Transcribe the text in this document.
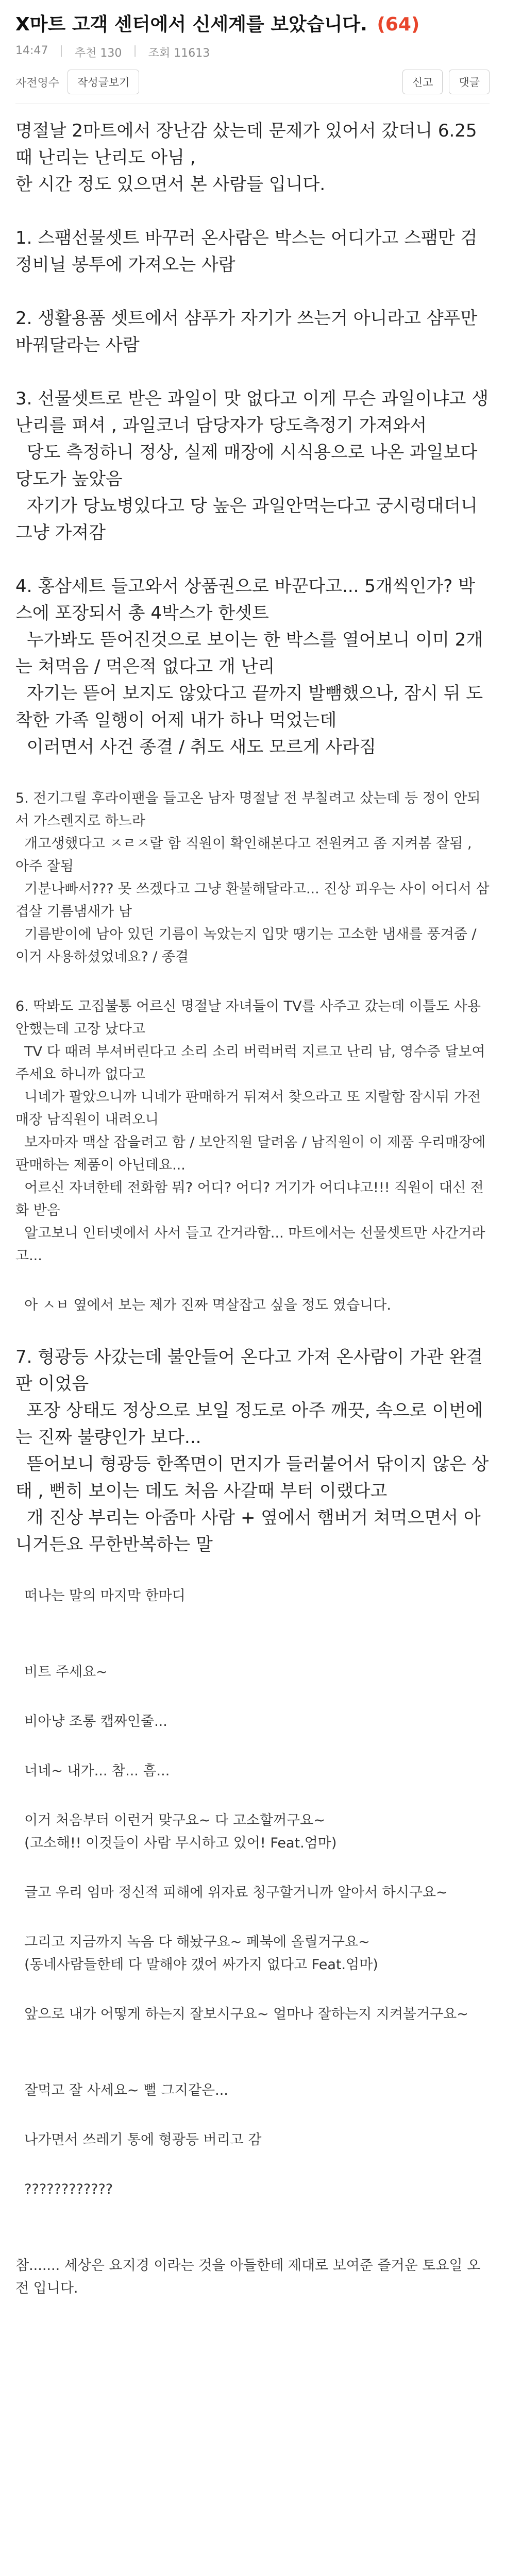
X마트 고객 센터에서 신세계를 보았습니다. (64)
14:47 | 추천 130 | 조회 11613
자전영수	작성글보기	신고	댓글

명절날 2마트에서 장난감 샀는데 문제가 있어서 갔더니 6.25때 난리는 난리도 아님 ,

한 시간 정도 있으면서 본 사람들 입니다.

1. 스팸선물셋트 바꾸러 온사람은 박스는 어디가고 스팸만 검정비닐 봉투에 가져오는 사람

2. 생활용품 셋트에서 샴푸가 자기가 쓰는거 아니라고 샴푸만 바꿔달라는 사람

3. 선물셋트로 받은 과일이 맛 없다고 이게 무슨 과일이냐고 생난리를 펴셔 , 과일코너 담당자가 당도측정기 가져와서

당도 측정하니 정상, 실제 매장에 시식용으로 나온 과일보다 당도가 높았음

자기가 당뇨병있다고 당 높은 과일안먹는다고 궁시렁대더니 그냥 가져감

4. 홍삼세트 들고와서 상품권으로 바꾼다고... 5개씩인가? 박스에 포장되서 총 4박스가 한셋트

누가봐도 뜯어진것으로 보이는 한 박스를 열어보니 이미 2개는 쳐먹음 / 먹은적 없다고 개 난리

자기는 뜯어 보지도 않았다고 끝까지 발뺌했으나, 잠시 뒤 도착한 가족 일행이 어제 내가 하나 먹었는데

이러면서 사건 종결 / 취도 새도 모르게 사라짐

5. 전기그릴 후라이팬을 들고온 남자 명절날 전 부칠려고 샀는데 등 정이 안되서 가스렌지로 하느라

개고생했다고 ㅈㄹㅈ랄 함 직원이 확인해본다고 전원켜고 좀 지켜봄 잘됨 , 아주 잘됨

기분나빠서??? 못 쓰겠다고 그냥 환불해달라고... 진상 피우는 사이 어디서 삼겹살 기름냄새가 남

기름받이에 남아 있던 기름이 녹았는지 입맛 땡기는 고소한 냄새를 풍겨줌 / 이거 사용하셨었네요? / 종결

6. 딱봐도 고집불통 어르신 명절날 자녀들이 TV를 사주고 갔는데 이틀도 사용안했는데 고장 났다고

TV 다 때려 부셔버린다고 소리 소리 버럭버럭 지르고 난리 남, 영수증 달보여 주세요 하니까 없다고

니네가 팔았으니까 니네가 판매하거 뒤져서 찾으라고 또 지랄함 잠시뒤 가전매장 남직원이 내려오니

보자마자 맥살 잡을려고 함 / 보안직원 달려옴 / 남직원이 이 제품 우리매장에 판매하는 제품이 아닌데요...

어르신 자녀한테 전화함 뭐? 어디? 어디? 거기가 어디냐고!!! 직원이 대신 전화 받음

알고보니 인터넷에서 사서 들고 간거라함... 마트에서는 선물셋트만 사간거라고...

아 ㅅㅂ 옆에서 보는 제가 진짜 멱살잡고 싶을 정도 였습니다.

7. 형광등 사갔는데 불안들어 온다고 가져 온사람이 가관 완결판 이었음

포장 상태도 정상으로 보일 정도로 아주 깨끗, 속으로 이번에는 진짜 불량인가 보다...

뜯어보니 형광등 한쪽면이 먼지가 들러붙어서 닦이지 않은 상태 , 뻔히 보이는 데도 처음 사갈때 부터 이랬다고

개 진상 부리는 아줌마 사람 + 옆에서 햄버거 쳐먹으면서 아니거든요 무한반복하는 말

떠나는 말의 마지막 한마디

비트 주세요~

비아냥 조롱 캡짜인줄...

너네~ 내가... 참... 흠...

이거 처음부터 이런거 맞구요~ 다 고소할꺼구요~

(고소해!! 이것들이 사람 무시하고 있어! Feat.엄마)

글고 우리 엄마 정신적 피해에 위자료 청구할거니까 알아서 하시구요~

그리고 지금까지 녹음 다 해놨구요~ 페북에 올릴거구요~

(동네사람들한테 다 말해야 갰어 싸가지 없다고 Feat.엄마)

앞으로 내가 어떻게 하는지 잘보시구요~ 얼마나 잘하는지 지켜볼거구요~

잘먹고 잘 사세요~ 뻘 그지같은...

나가면서 쓰레기 통에 형광등 버리고 감

????????????

참....... 세상은 요지경 이라는 것을 아들한테 제대로 보여준 즐거운 토요일 오전 입니다.
